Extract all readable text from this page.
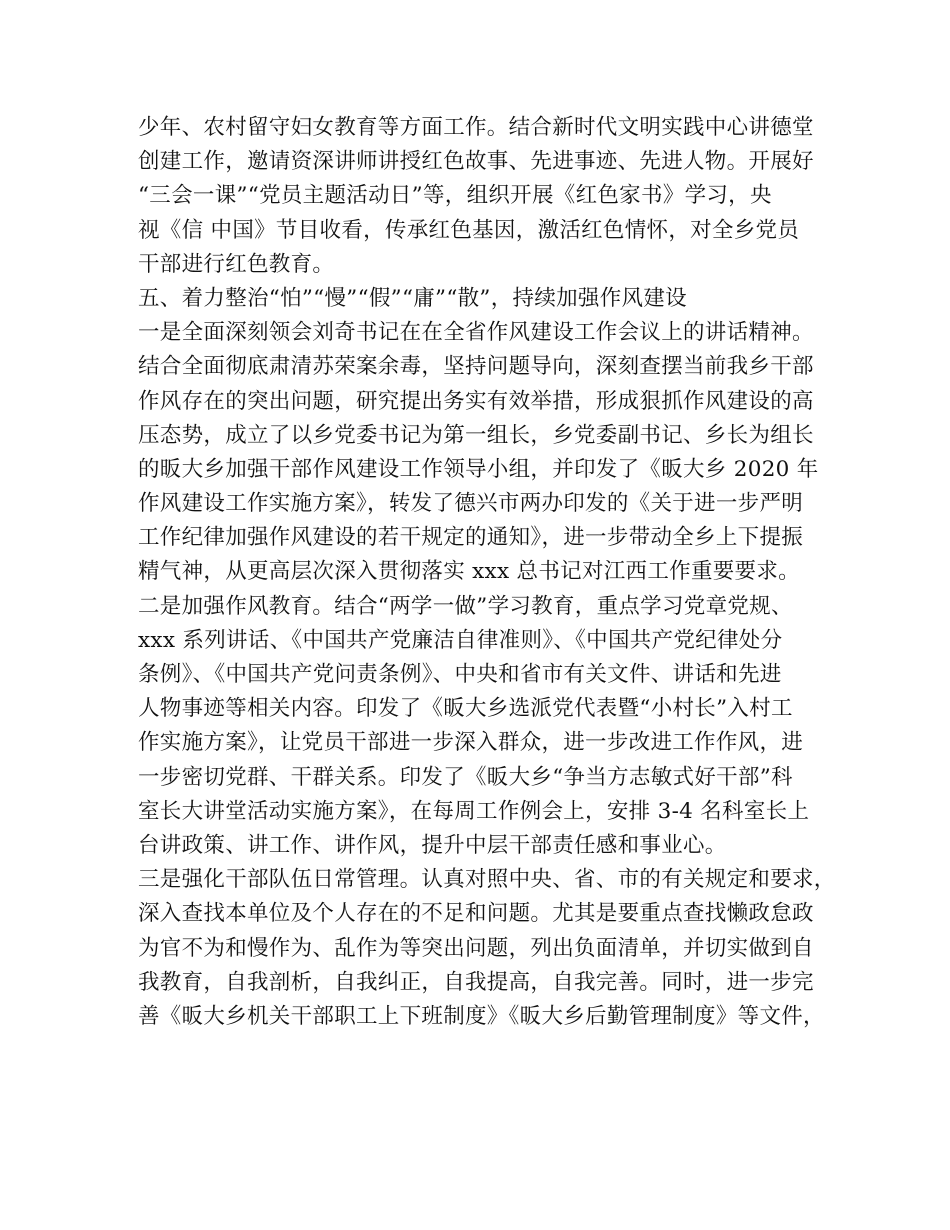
少年、农村留守妇女教育等方面工作。结合新时代文明实践中心讲德堂
创建工作，邀请资深讲师讲授红色故事、先进事迹、先进人物。开展好
“三会一课”“党员主题活动日”等，组织开展《红色家书》学习，央
视《信 中国》节目收看，传承红色基因，激活红色情怀，对全乡党员
干部进行红色教育。
五、着力整治“怕”“慢”“假”“庸”“散”，持续加强作风建设
一是全面深刻领会刘奇书记在在全省作风建设工作会议上的讲话精神。
结合全面彻底肃清苏荣案余毒，坚持问题导向，深刻查摆当前我乡干部
作风存在的突出问题，研究提出务实有效举措，形成狠抓作风建设的高
压态势，成立了以乡党委书记为第一组长，乡党委副书记、乡长为组长
的昄大乡加强干部作风建设工作领导小组，并印发了《昄大乡 2020 年
作风建设工作实施方案》，转发了德兴市两办印发的《关于进一步严明
工作纪律加强作风建设的若干规定的通知》，进一步带动全乡上下提振
精气神，从更高层次深入贯彻落实 xxx 总书记对江西工作重要要求。
二是加强作风教育。结合“两学一做”学习教育，重点学习党章党规、
xxx 系列讲话、《中国共产党廉洁自律准则》、《中国共产党纪律处分
条例》、《中国共产党问责条例》、中央和省市有关文件、讲话和先进
人物事迹等相关内容。印发了《昄大乡选派党代表暨“小村长”入村工
作实施方案》，让党员干部进一步深入群众，进一步改进工作作风，进
一步密切党群、干群关系。印发了《昄大乡“争当方志敏式好干部”科
室长大讲堂活动实施方案》，在每周工作例会上，安排 3-4 名科室长上
台讲政策、讲工作、讲作风，提升中层干部责任感和事业心。
三是强化干部队伍日常管理。认真对照中央、省、市的有关规定和要求，
深入查找本单位及个人存在的不足和问题。尤其是要重点查找懒政怠政
为官不为和慢作为、乱作为等突出问题，列出负面清单，并切实做到自
我教育，自我剖析，自我纠正，自我提高，自我完善。同时，进一步完
善《昄大乡机关干部职工上下班制度》《昄大乡后勤管理制度》等文件，
